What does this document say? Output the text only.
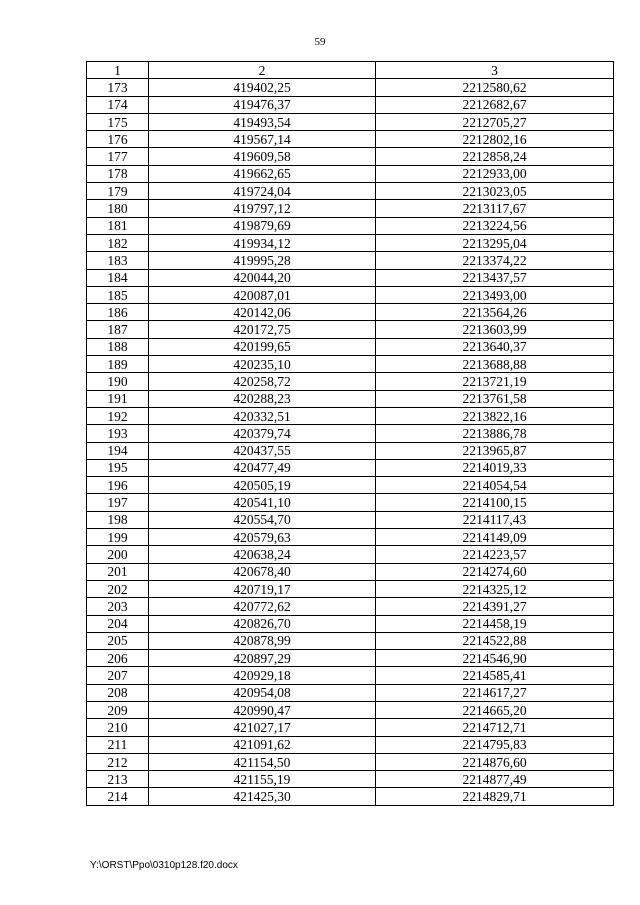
59
1	2	3
173	419402,25	2212580,62
174	419476,37	2212682,67
175	419493,54	2212705,27
176	419567,14	2212802,16
177	419609,58	2212858,24
178	419662,65	2212933,00
179	419724,04	2213023,05
180	419797,12	2213117,67
181	419879,69	2213224,56
182	419934,12	2213295,04
183	419995,28	2213374,22
184	420044,20	2213437,57
185	420087,01	2213493,00
186	420142,06	2213564,26
187	420172,75	2213603,99
188	420199,65	2213640,37
189	420235,10	2213688,88
190	420258,72	2213721,19
191	420288,23	2213761,58
192	420332,51	2213822,16
193	420379,74	2213886,78
194	420437,55	2213965,87
195	420477,49	2214019,33
196	420505,19	2214054,54
197	420541,10	2214100,15
198	420554,70	2214117,43
199	420579,63	2214149,09
200	420638,24	2214223,57
201	420678,40	2214274,60
202	420719,17	2214325,12
203	420772,62	2214391,27
204	420826,70	2214458,19
205	420878,99	2214522,88
206	420897,29	2214546,90
207	420929,18	2214585,41
208	420954,08	2214617,27
209	420990,47	2214665,20
210	421027,17	2214712,71
211	421091,62	2214795,83
212	421154,50	2214876,60
213	421155,19	2214877,49
214	421425,30	2214829,71
Y:\ORST\Ppo\0310p128.f20.docx
